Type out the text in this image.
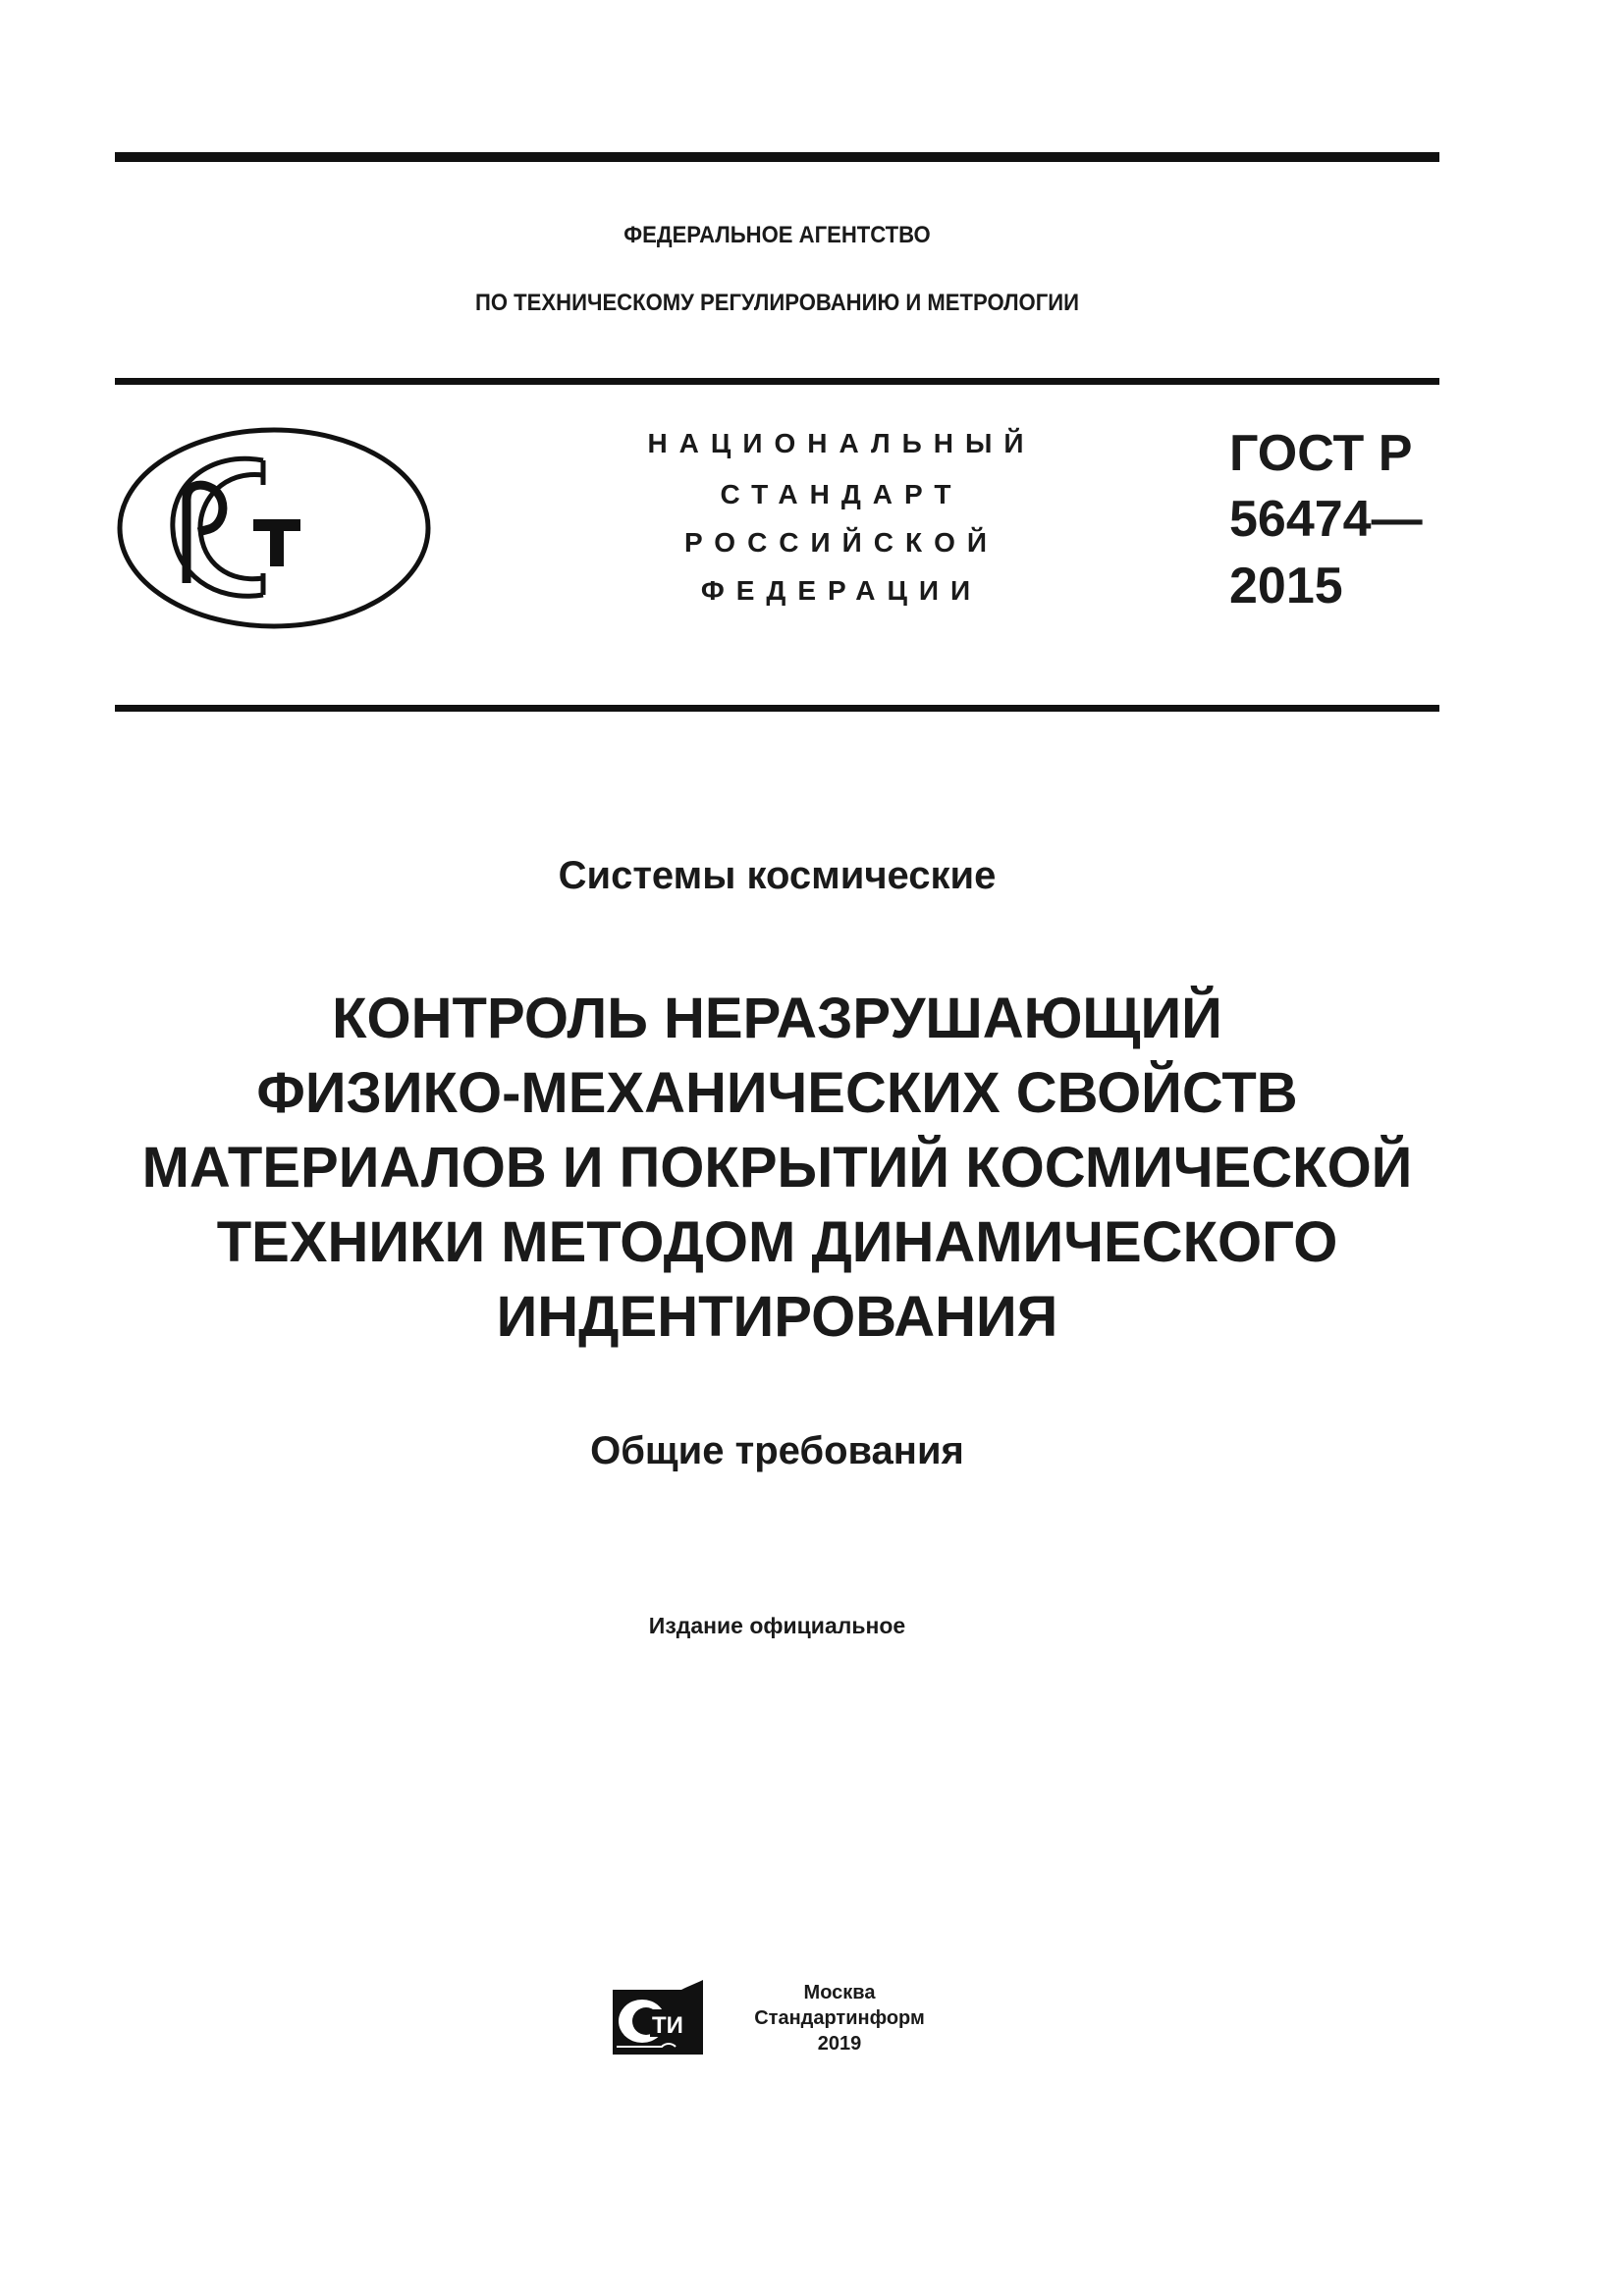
ФЕДЕРАЛЬНОЕ АГЕНТСТВО
ПО ТЕХНИЧЕСКОМУ РЕГУЛИРОВАНИЮ И МЕТРОЛОГИИ
НАЦИОНАЛЬНЫЙ
СТАНДАРТ
РОССИЙСКОЙ
ФЕДЕРАЦИИ
ГОСТ Р
56474—
2015
Системы космические
КОНТРОЛЬ НЕРАЗРУШАЮЩИЙ
ФИЗИКО-МЕХАНИЧЕСКИХ СВОЙСТВ
МАТЕРИАЛОВ И ПОКРЫТИЙ КОСМИЧЕСКОЙ
ТЕХНИКИ МЕТОДОМ ДИНАМИЧЕСКОГО
ИНДЕНТИРОВАНИЯ
Общие требования
Издание официальное
ТИ
Москва
Стандартинформ
2019
